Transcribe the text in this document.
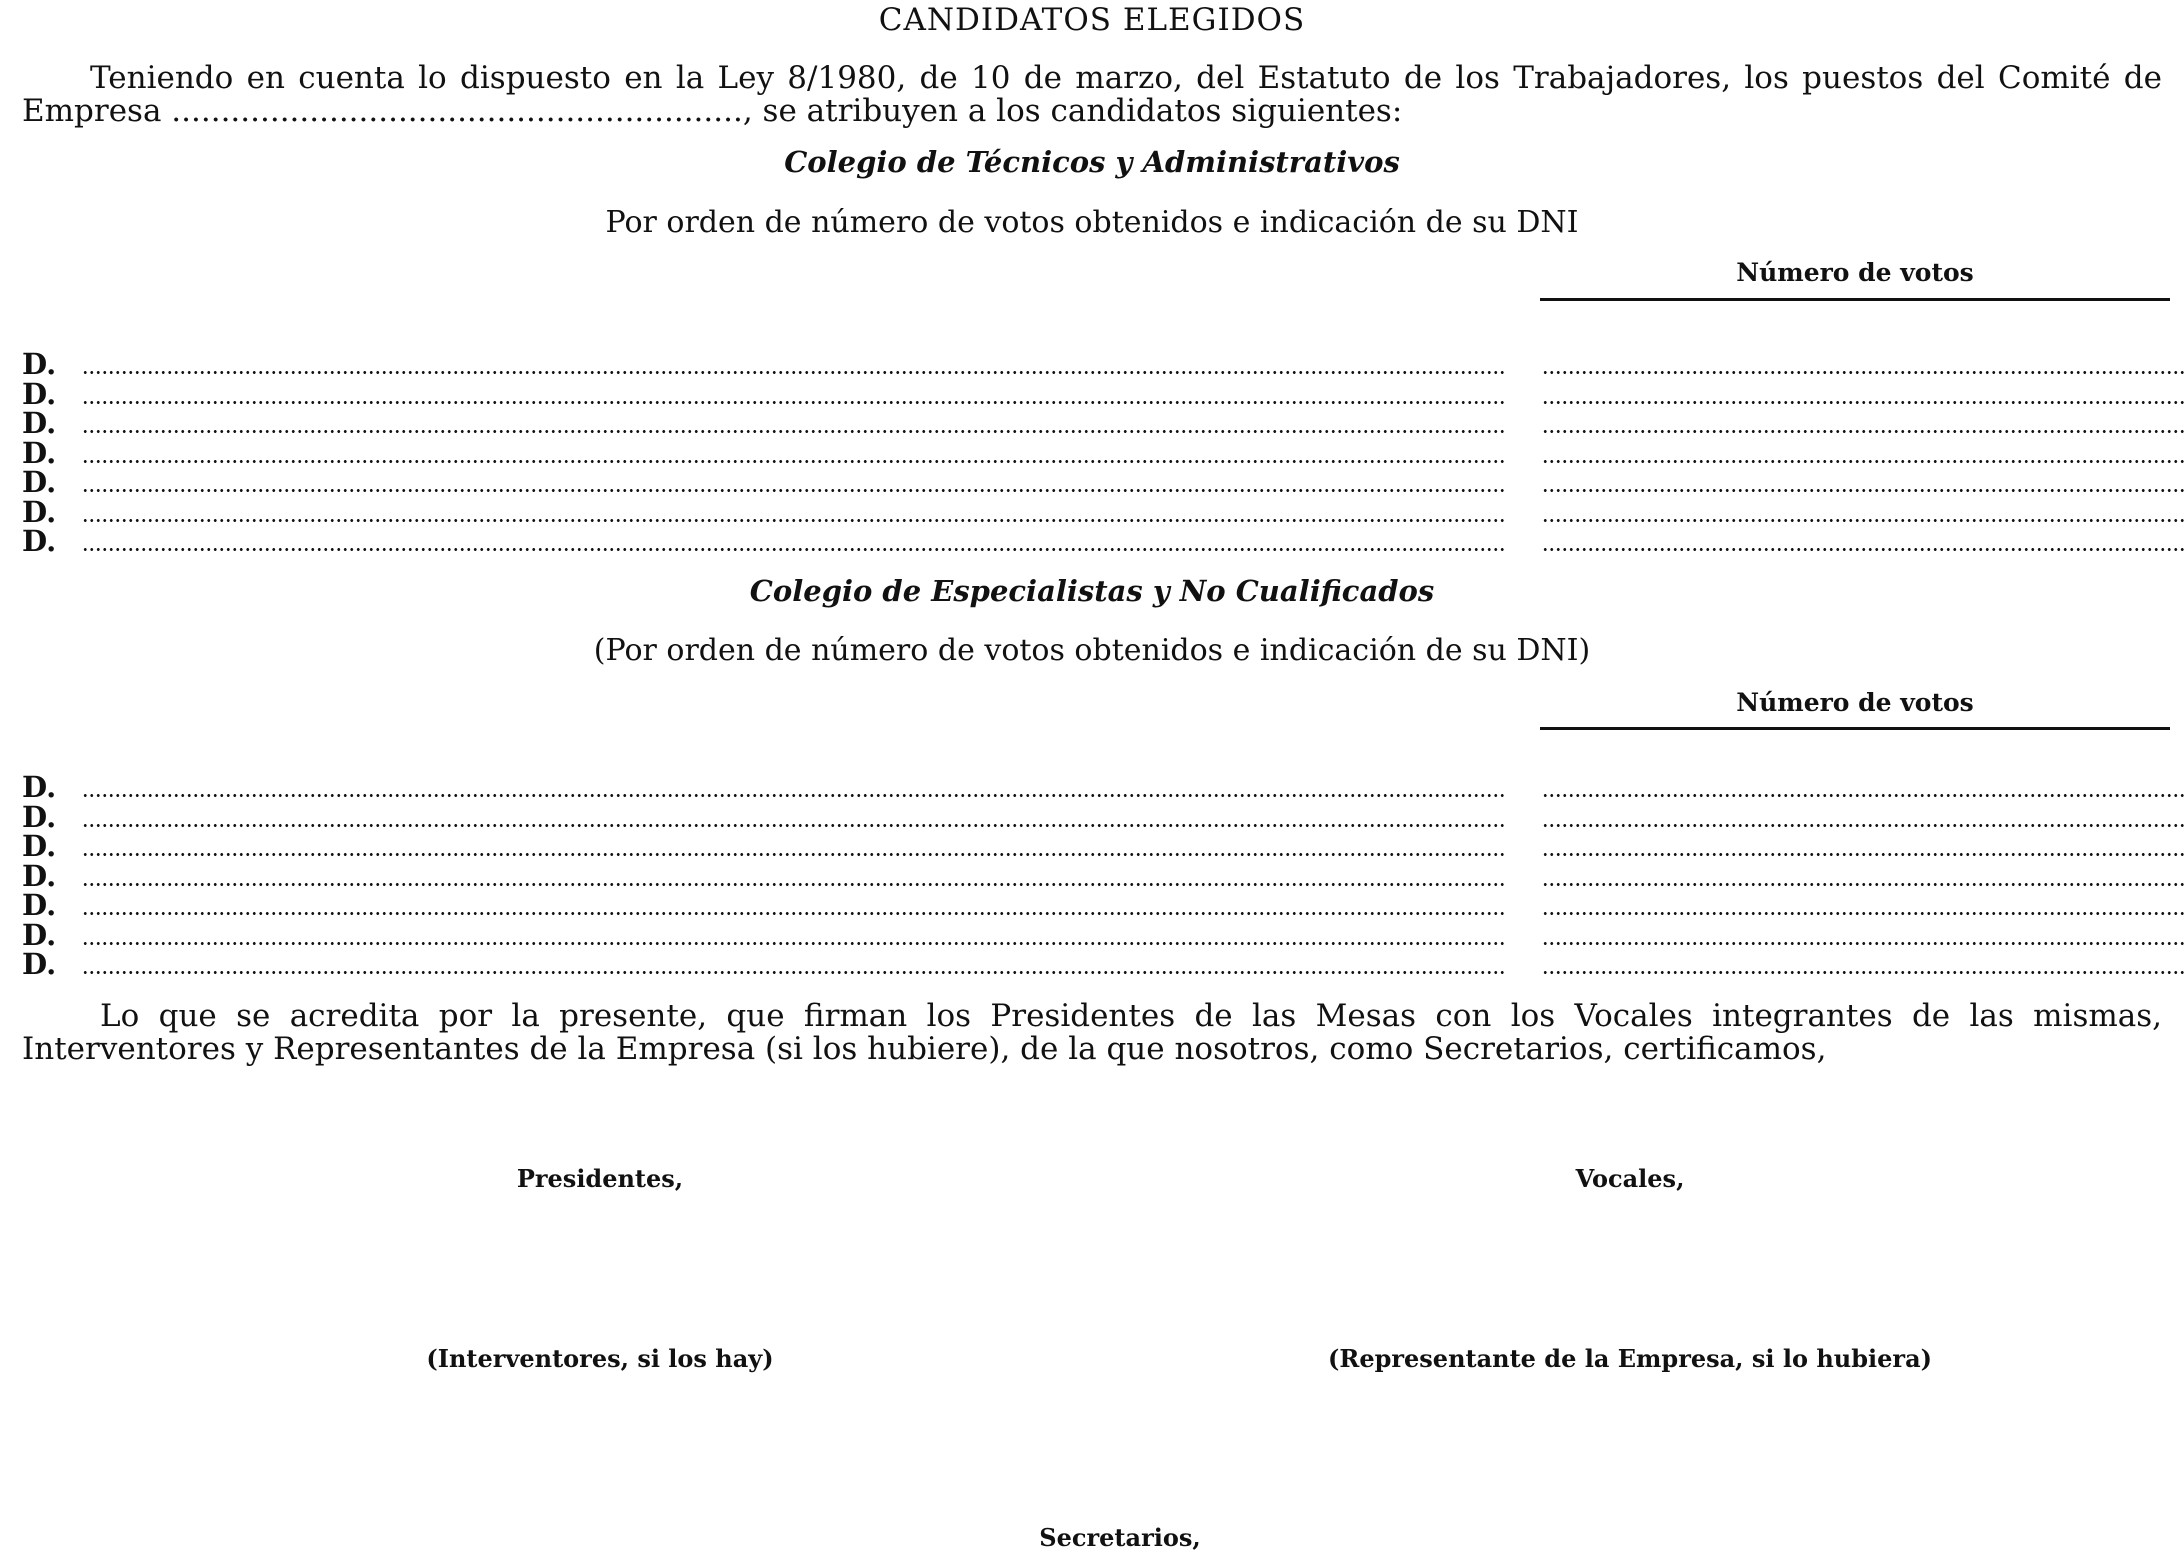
CANDIDATOS ELEGIDOS
Teniendo en cuenta lo dispuesto en la Ley 8/1980, de 10 de marzo, del Estatuto de los Trabajadores, los puestos del Comité de Empresa .........................................................., se atribuyen a los candidatos siguientes:
Colegio de Técnicos y Administrativos
Por orden de número de votos obtenidos e indicación de su DNI
Número de votos
D.
D.
D.
D.
D.
D.
D.
Colegio de Especialistas y No Cualificados
(Por orden de número de votos obtenidos e indicación de su DNI)
Número de votos
D.
D.
D.
D.
D.
D.
D.
Lo que se acredita por la presente, que firman los Presidentes de las Mesas con los Vocales integrantes de las mismas, Interventores y Representantes de la Empresa (si los hubiere), de la que nosotros, como Secretarios, certificamos,
Presidentes,	Vocales,
(Interventores, si los hay)	(Representante de la Empresa, si lo hubiera)
Secretarios,
